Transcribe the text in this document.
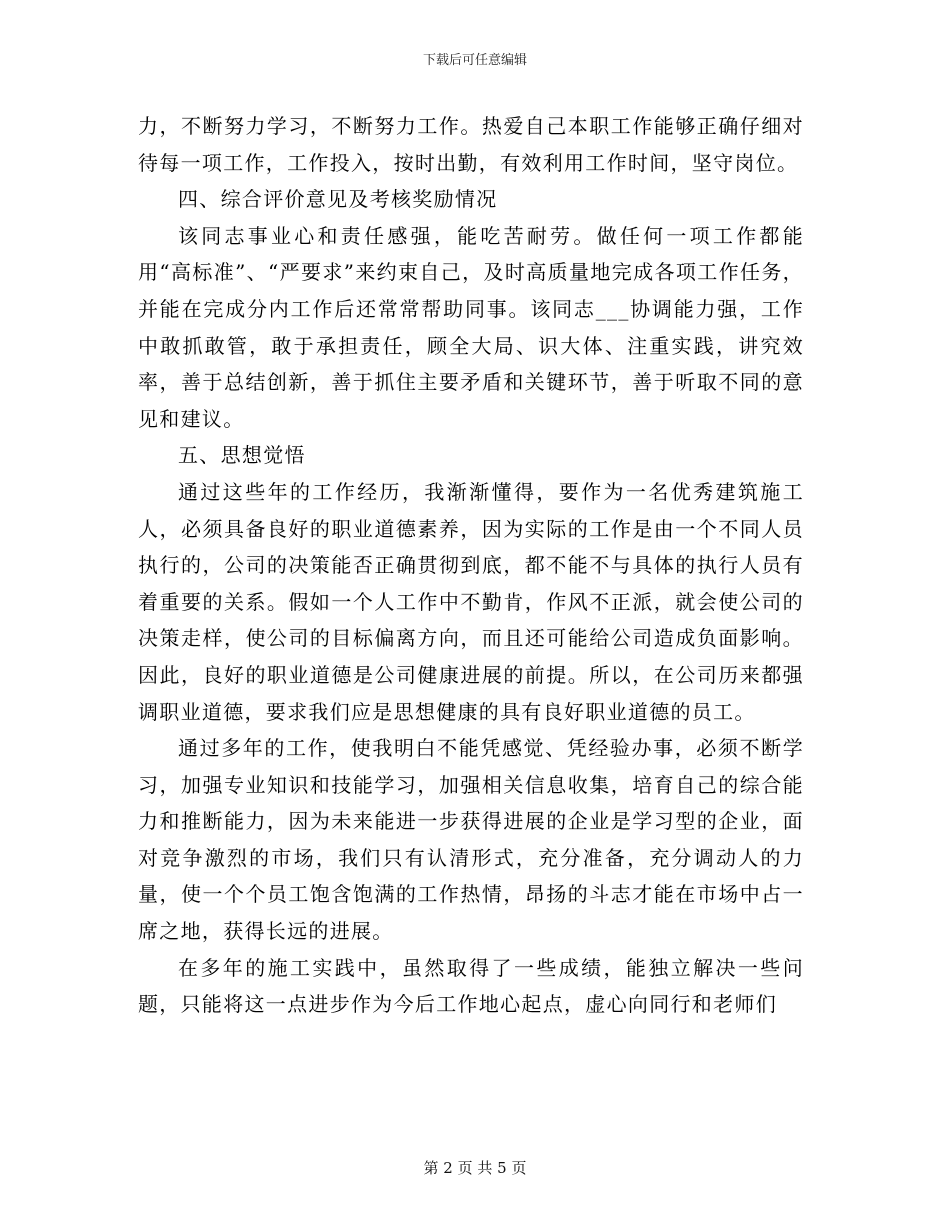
下载后可任意编辑

力，不断努力学习，不断努力工作。热爱自己本职工作能够正确仔细对待每一项工作，工作投入，按时出勤，有效利用工作时间，坚守岗位。

四、综合评价意见及考核奖励情况

该同志事业心和责任感强，能吃苦耐劳。做任何一项工作都能用“高标准”、“严要求”来约束自己，及时高质量地完成各项工作任务，并能在完成分内工作后还常常帮助同事。该同志___协调能力强，工作中敢抓敢管，敢于承担责任，顾全大局、识大体、注重实践，讲究效率，善于总结创新，善于抓住主要矛盾和关键环节，善于听取不同的意见和建议。

五、思想觉悟

通过这些年的工作经历，我渐渐懂得，要作为一名优秀建筑施工人，必须具备良好的职业道德素养，因为实际的工作是由一个不同人员执行的，公司的决策能否正确贯彻到底，都不能不与具体的执行人员有着重要的关系。假如一个人工作中不勤肯，作风不正派，就会使公司的决策走样，使公司的目标偏离方向，而且还可能给公司造成负面影响。因此，良好的职业道德是公司健康进展的前提。所以，在公司历来都强调职业道德，要求我们应是思想健康的具有良好职业道德的员工。

通过多年的工作，使我明白不能凭感觉、凭经验办事，必须不断学习，加强专业知识和技能学习，加强相关信息收集，培育自己的综合能力和推断能力，因为未来能进一步获得进展的企业是学习型的企业，面对竞争激烈的市场，我们只有认清形式，充分准备，充分调动人的力量，使一个个员工饱含饱满的工作热情，昂扬的斗志才能在市场中占一席之地，获得长远的进展。

在多年的施工实践中，虽然取得了一些成绩，能独立解决一些问题，只能将这一点进步作为今后工作地心起点，虚心向同行和老师们

第 2 页 共 5 页
